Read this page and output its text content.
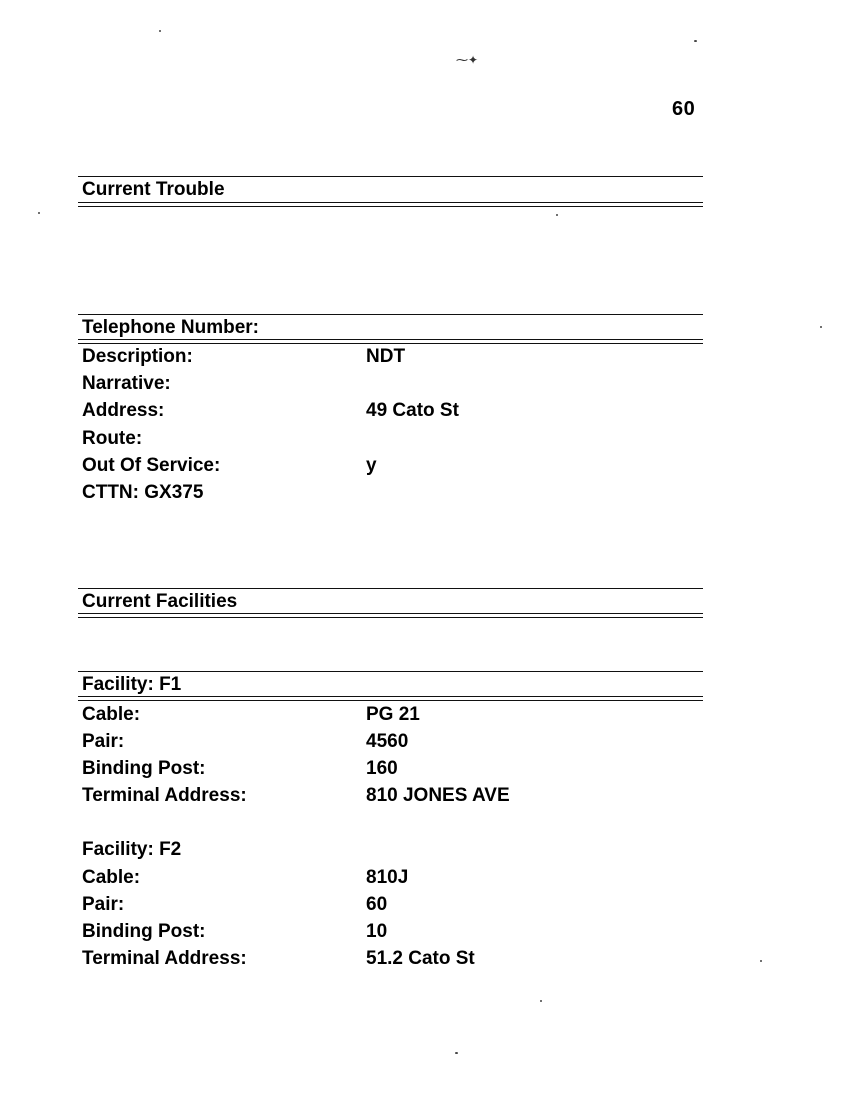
⁓✦
60
Current Trouble
Telephone Number:
Description:	NDT
Narrative:
Address:	49 Cato St
Route:
Out Of Service:	y
CTTN: GX375
Current Facilities
Facility: F1
Cable:	PG 21
Pair:	4560
Binding Post:	160
Terminal Address:	810 JONES AVE
Facility: F2
Cable:	810J
Pair:	60
Binding Post:	10
Terminal Address:	51.2 Cato St
